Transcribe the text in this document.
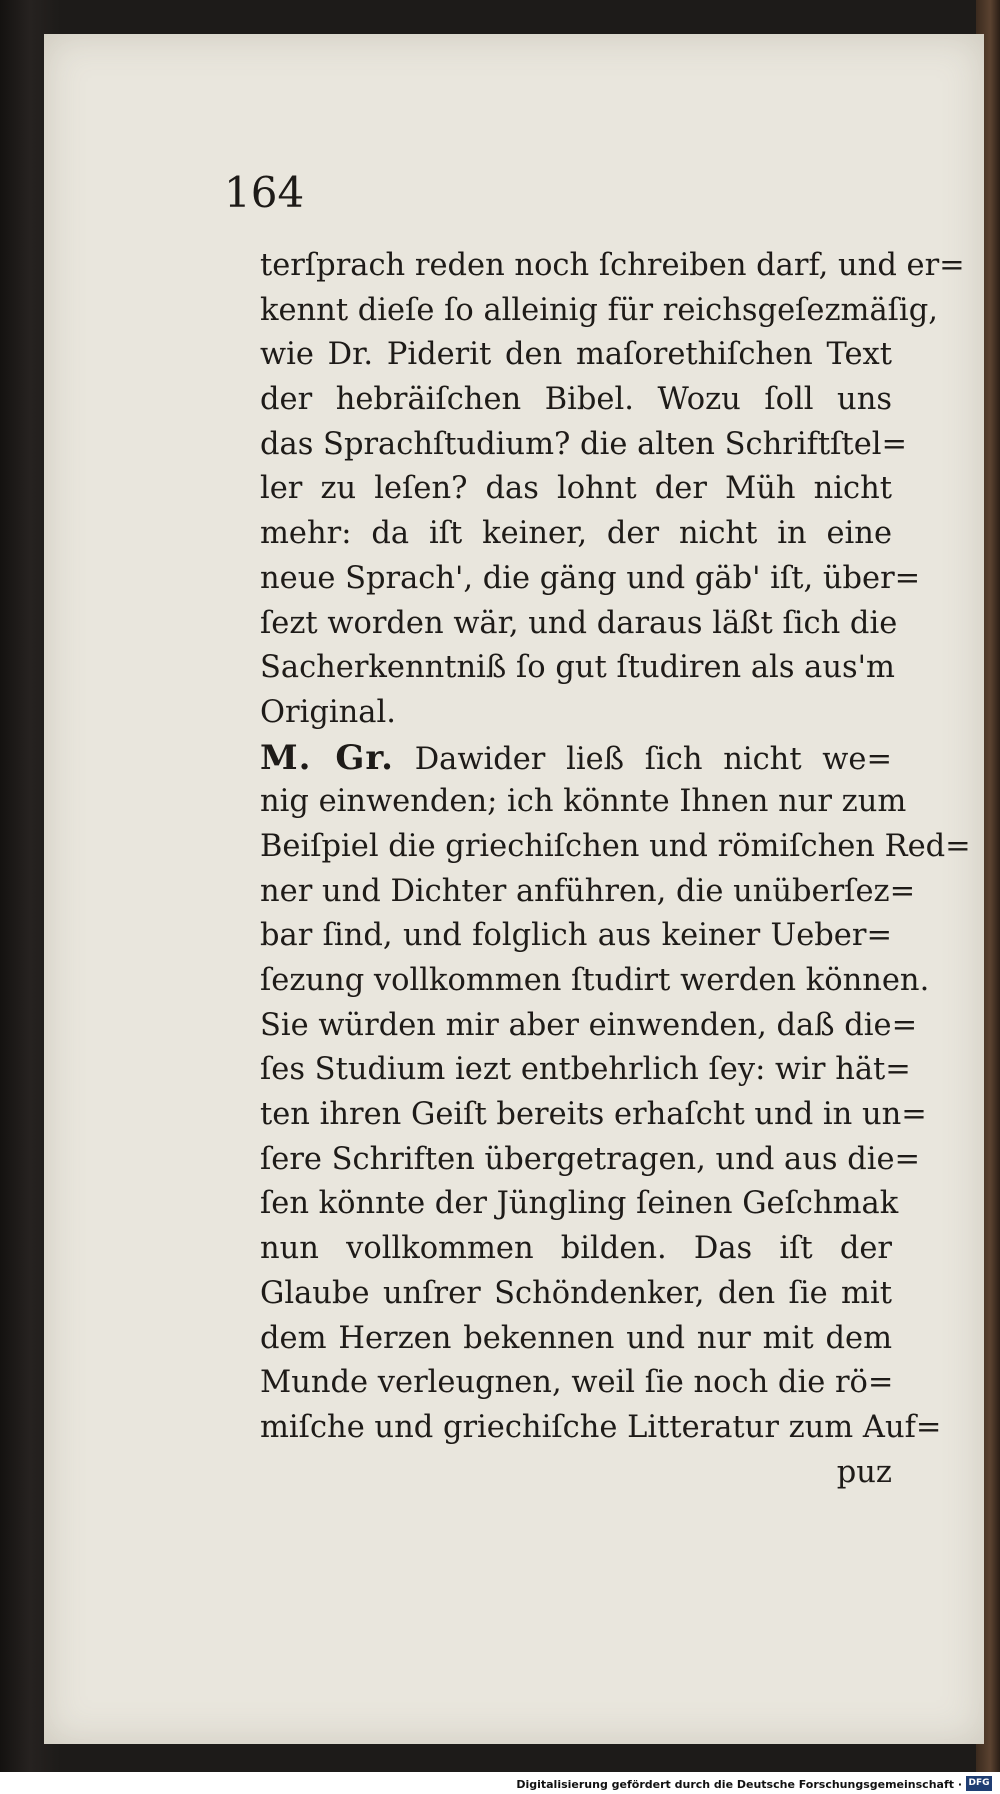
164
terſprach reden noch ſchreiben darf, und er=
kennt dieſe ſo alleinig für reichsgeſezmäſig,
wie Dr. Piderit den maſorethiſchen Text
der hebräiſchen Bibel. Wozu ſoll uns
das Sprachſtudium? die alten Schriftſtel=
ler zu leſen? das lohnt der Müh nicht
mehr: da iſt keiner, der nicht in eine
neue Sprach', die gäng und gäb' iſt, über=
ſezt worden wär, und daraus läßt ſich die
Sacherkenntniß ſo gut ſtudiren als aus'm
Original.
M. Gr. Dawider ließ ſich nicht we=
nig einwenden; ich könnte Ihnen nur zum
Beiſpiel die griechiſchen und römiſchen Red=
ner und Dichter anführen, die unüberſez=
bar ſind, und folglich aus keiner Ueber=
ſezung vollkommen ſtudirt werden können.
Sie würden mir aber einwenden, daß die=
ſes Studium iezt entbehrlich ſey: wir hät=
ten ihren Geiſt bereits erhaſcht und in un=
ſere Schriften übergetragen, und aus die=
ſen könnte der Jüngling ſeinen Geſchmak
nun vollkommen bilden. Das iſt der
Glaube unſrer Schöndenker, den ſie mit
dem Herzen bekennen und nur mit dem
Munde verleugnen, weil ſie noch die rö=
miſche und griechiſche Litteratur zum Auf=
puz
Digitalisierung gefördert durch die Deutsche Forschungsgemeinschaft · DFG
